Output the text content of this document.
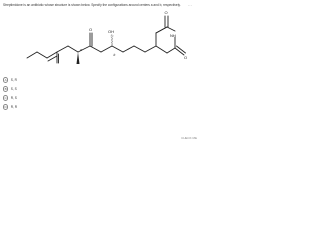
Streptimidone is an antibiotic whose structure is shown below. Specify the configurations around centers a and b, respectively.	...
OH
NH
a
b
O
O
O
A	S, R
B	S, S
C	R, S
D	R, R
CHECK ME
